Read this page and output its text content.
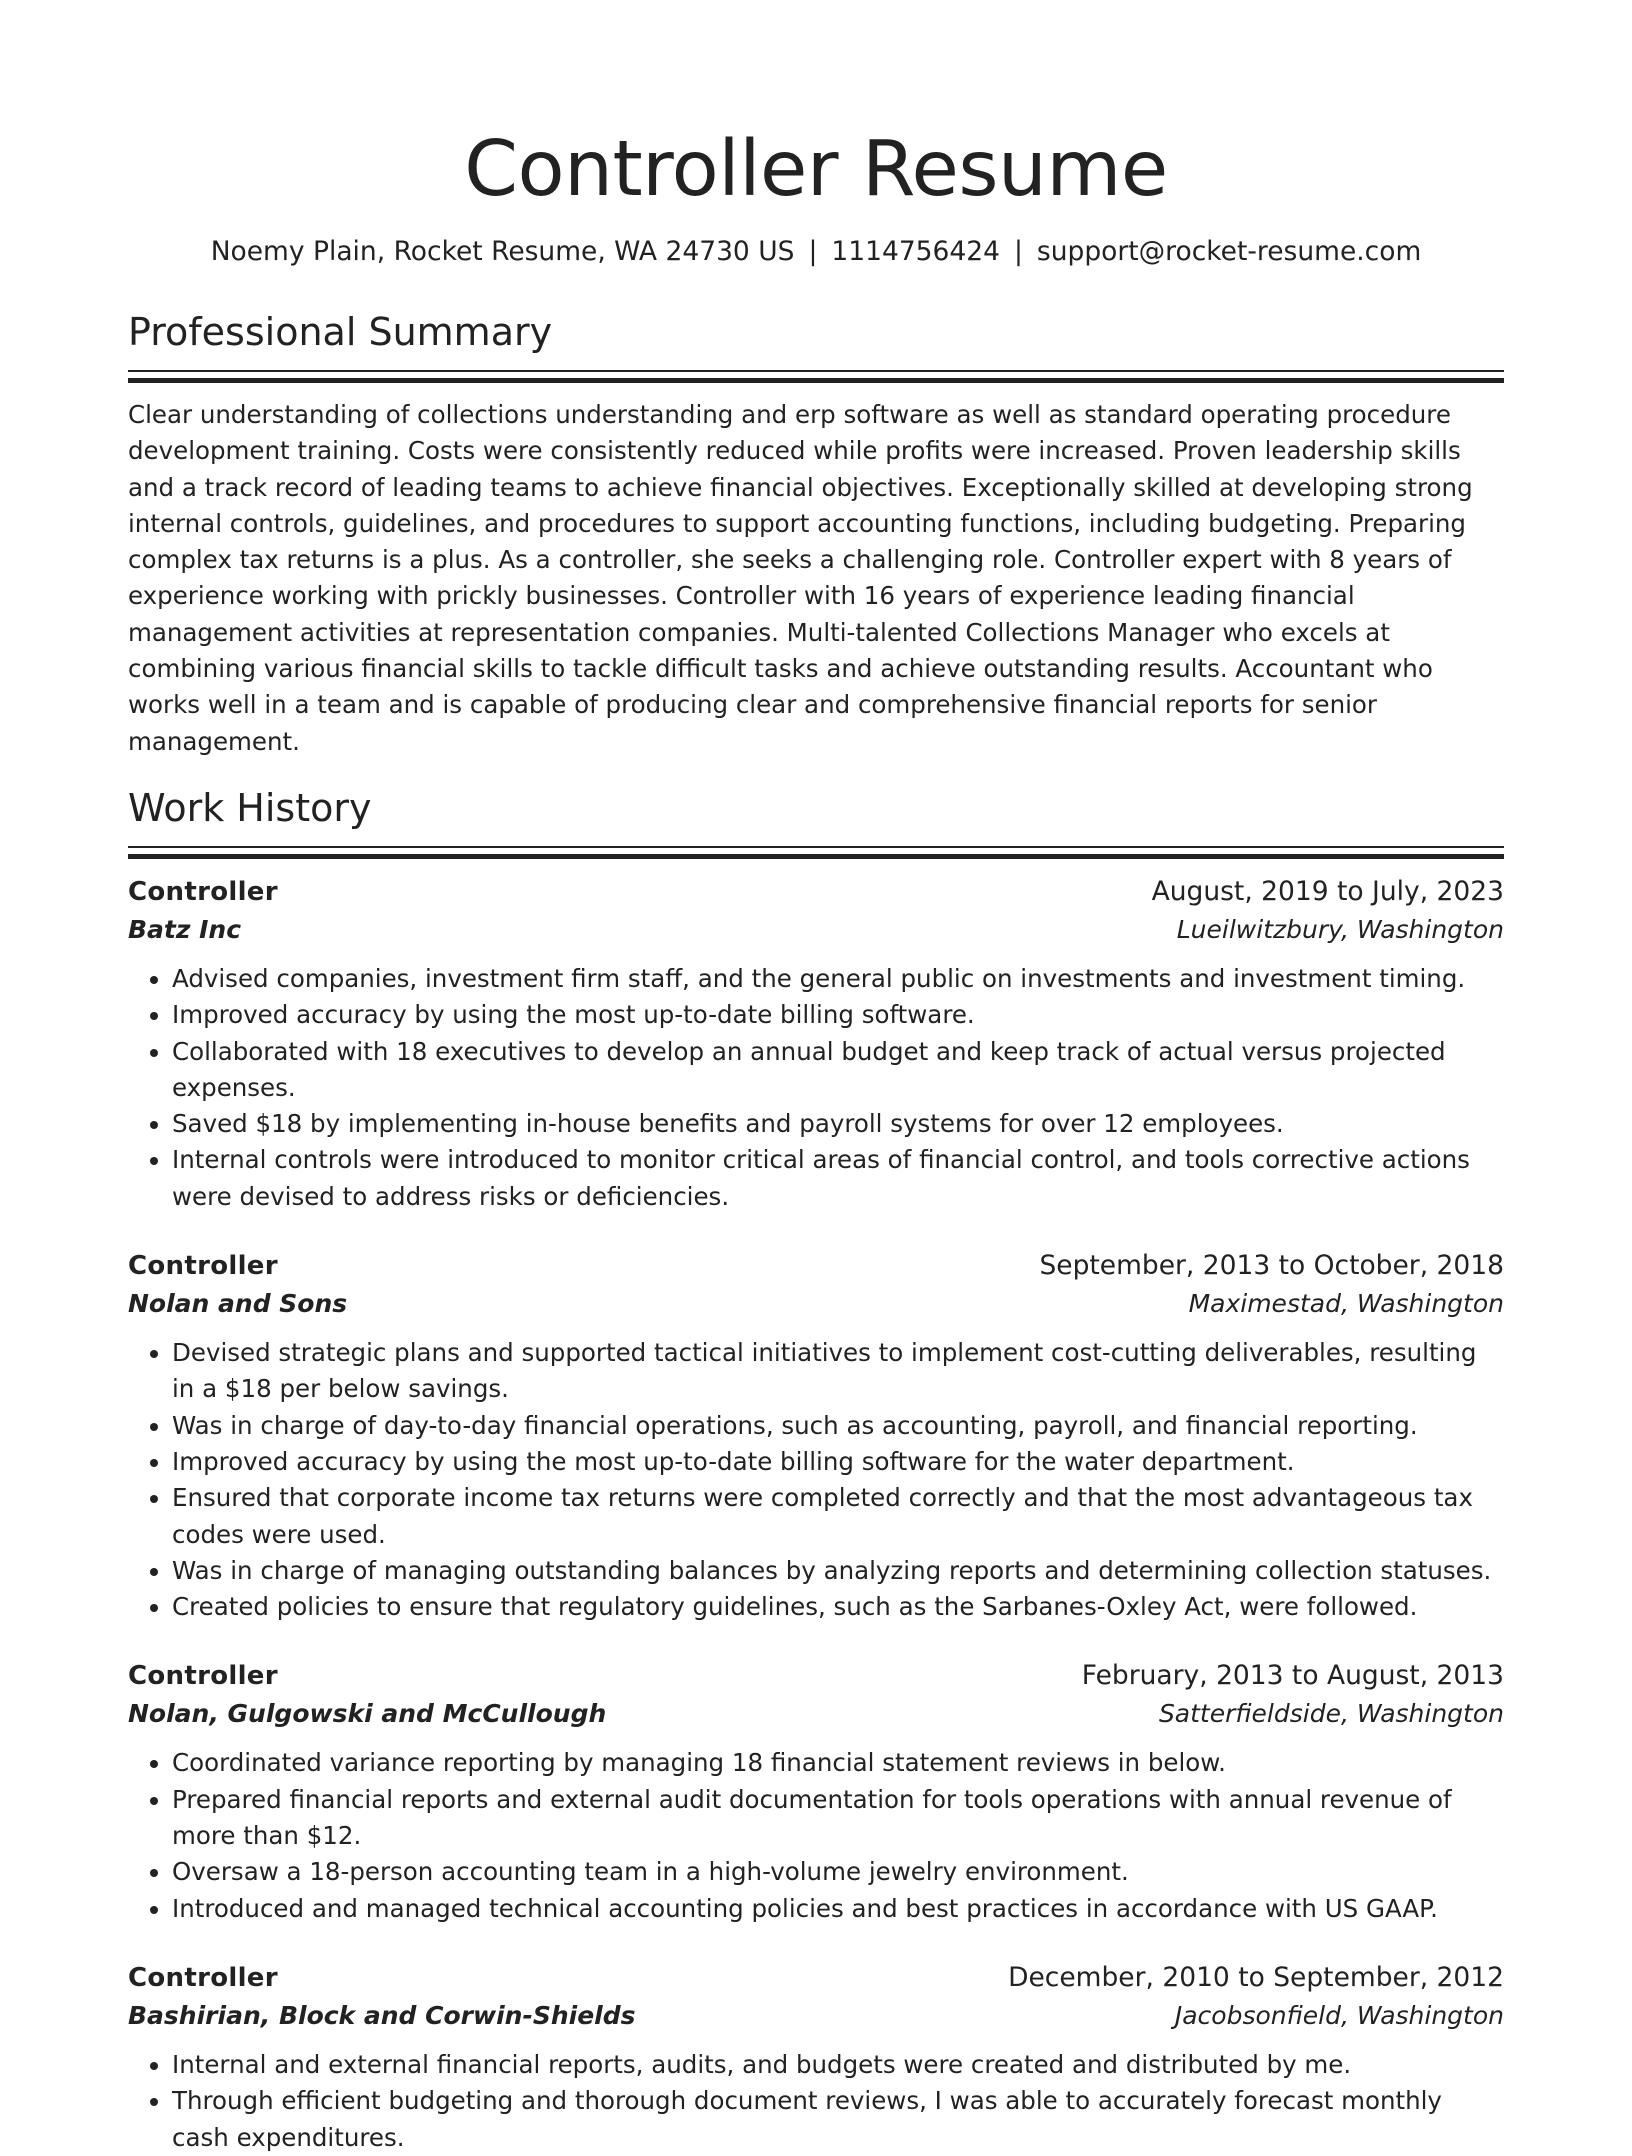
Controller Resume
Noemy Plain, Rocket Resume, WA 24730 US | 1114756424 | support@rocket-resume.com
Professional Summary

Clear understanding of collections understanding and erp software as well as standard operating procedure development training. Costs were consistently reduced while profits were increased. Proven leadership skills and a track record of leading teams to achieve financial objectives. Exceptionally skilled at developing strong internal controls, guidelines, and procedures to support accounting functions, including budgeting. Preparing complex tax returns is a plus. As a controller, she seeks a challenging role. Controller expert with 8 years of experience working with prickly businesses. Controller with 16 years of experience leading financial management activities at representation companies. Multi-talented Collections Manager who excels at combining various financial skills to tackle difficult tasks and achieve outstanding results. Accountant who works well in a team and is capable of producing clear and comprehensive financial reports for senior management.

Work History
Controller	August, 2019 to July, 2023
Batz Inc	Lueilwitzbury, Washington
• Advised companies, investment firm staff, and the general public on investments and investment timing.
• Improved accuracy by using the most up-to-date billing software.
• Collaborated with 18 executives to develop an annual budget and keep track of actual versus projected expenses.
• Saved $18 by implementing in-house benefits and payroll systems for over 12 employees.
• Internal controls were introduced to monitor critical areas of financial control, and tools corrective actions were devised to address risks or deficiencies.
Controller	September, 2013 to October, 2018
Nolan and Sons	Maximestad, Washington
• Devised strategic plans and supported tactical initiatives to implement cost-cutting deliverables, resulting in a $18 per below savings.
• Was in charge of day-to-day financial operations, such as accounting, payroll, and financial reporting.
• Improved accuracy by using the most up-to-date billing software for the water department.
• Ensured that corporate income tax returns were completed correctly and that the most advantageous tax codes were used.
• Was in charge of managing outstanding balances by analyzing reports and determining collection statuses.
• Created policies to ensure that regulatory guidelines, such as the Sarbanes-Oxley Act, were followed.
Controller	February, 2013 to August, 2013
Nolan, Gulgowski and McCullough	Satterfieldside, Washington
• Coordinated variance reporting by managing 18 financial statement reviews in below.
• Prepared financial reports and external audit documentation for tools operations with annual revenue of more than $12.
• Oversaw a 18-person accounting team in a high-volume jewelry environment.
• Introduced and managed technical accounting policies and best practices in accordance with US GAAP.
Controller	December, 2010 to September, 2012
Bashirian, Block and Corwin-Shields	Jacobsonfield, Washington
• Internal and external financial reports, audits, and budgets were created and distributed by me.
• Through efficient budgeting and thorough document reviews, I was able to accurately forecast monthly cash expenditures.
